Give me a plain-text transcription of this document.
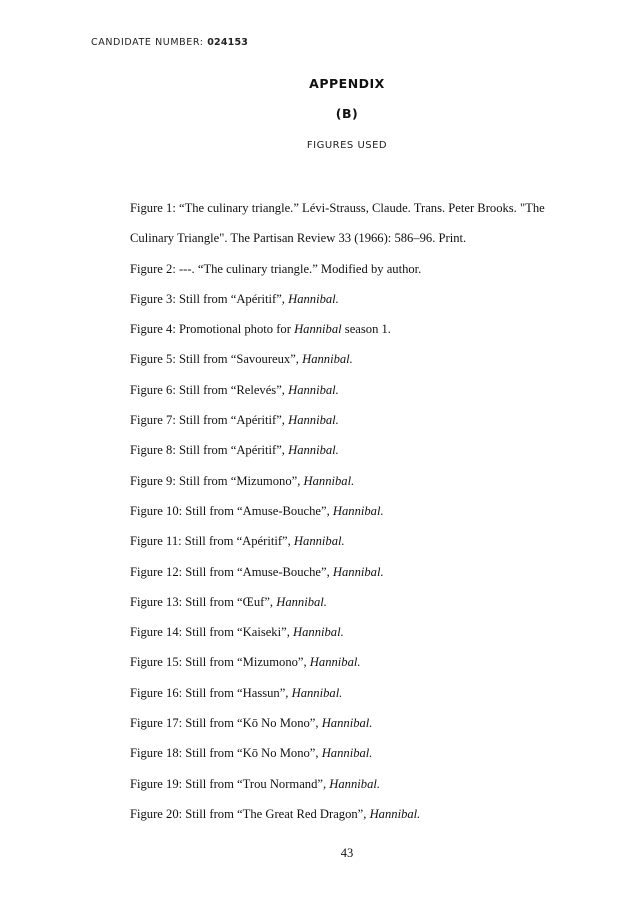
CANDIDATE NUMBER: 024153
APPENDIX
(B)
FIGURES USED
Figure 1: “The culinary triangle.” Lévi-Strauss, Claude. Trans. Peter Brooks. "The Culinary Triangle". The Partisan Review 33 (1966): 586–96. Print.
Figure 2: ---. “The culinary triangle.” Modified by author.
Figure 3: Still from “Apéritif”, Hannibal.
Figure 4: Promotional photo for Hannibal season 1.
Figure 5: Still from “Savoureux”, Hannibal.
Figure 6: Still from “Relevés”, Hannibal.
Figure 7: Still from “Apéritif”, Hannibal.
Figure 8: Still from “Apéritif”, Hannibal.
Figure 9: Still from “Mizumono”, Hannibal.
Figure 10: Still from “Amuse-Bouche”, Hannibal.
Figure 11: Still from “Apéritif”, Hannibal.
Figure 12: Still from “Amuse-Bouche”, Hannibal.
Figure 13: Still from “Œuf”, Hannibal.
Figure 14: Still from “Kaiseki”, Hannibal.
Figure 15: Still from “Mizumono”, Hannibal.
Figure 16: Still from “Hassun”, Hannibal.
Figure 17: Still from “Kō No Mono”, Hannibal.
Figure 18: Still from “Kō No Mono”, Hannibal.
Figure 19: Still from “Trou Normand”, Hannibal.
Figure 20: Still from “The Great Red Dragon”, Hannibal.
43
